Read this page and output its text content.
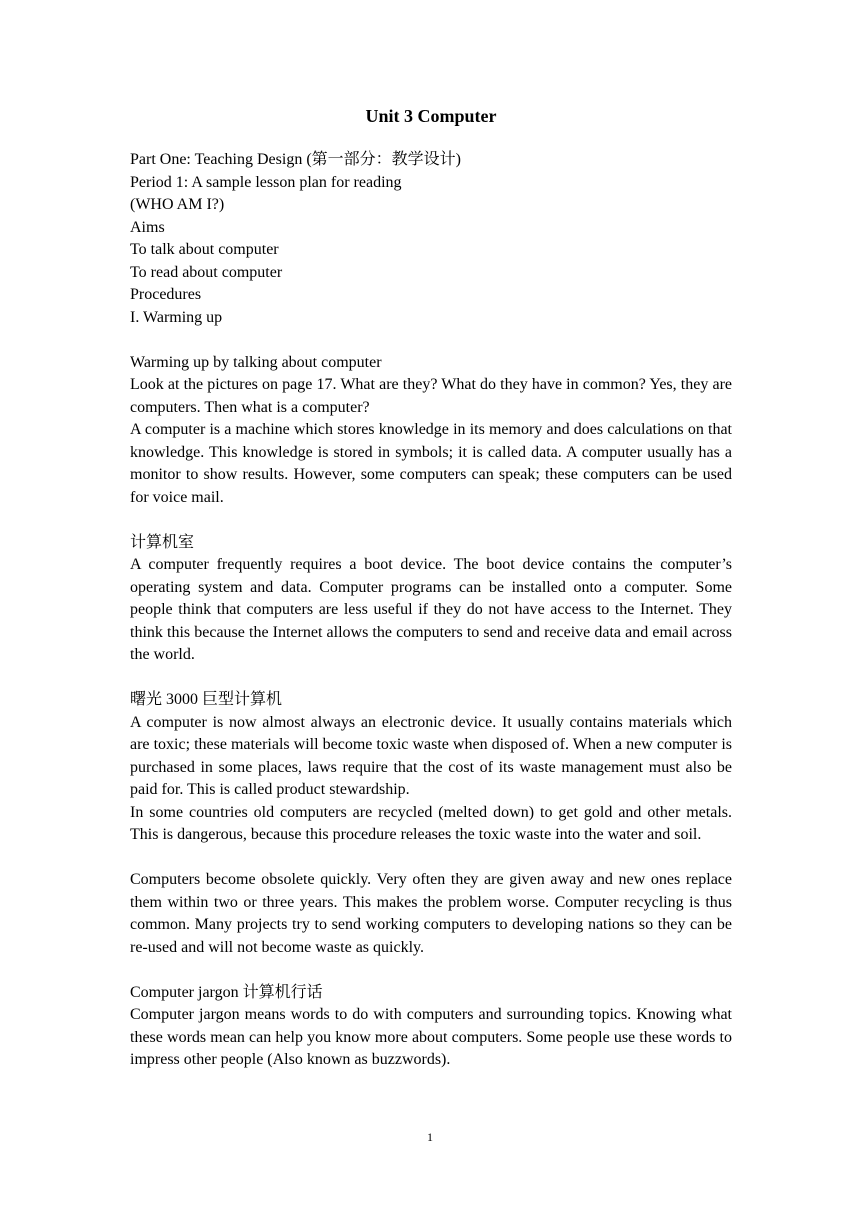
Unit 3 Computer

Part One: Teaching Design (第一部分：教学设计)

Period 1: A sample lesson plan for reading

(WHO AM I?)

Aims

To talk about computer

To read about computer

Procedures

I. Warming up

Warming up by talking about computer

Look at the pictures on page 17. What are they? What do they have in common? Yes, they are computers. Then what is a computer?

A computer is a machine which stores knowledge in its memory and does calculations on that knowledge. This knowledge is stored in symbols; it is called data. A computer usually has a monitor to show results. However, some computers can speak; these computers can be used for voice mail.

计算机室

A computer frequently requires a boot device. The boot device contains the computer’s operating system and data. Computer programs can be installed onto a computer. Some people think that computers are less useful if they do not have access to the Internet. They think this because the Internet allows the computers to send and receive data and email across the world.

曙光 3000 巨型计算机

A computer is now almost always an electronic device. It usually contains materials which are toxic; these materials will become toxic waste when disposed of. When a new computer is purchased in some places, laws require that the cost of its waste management must also be paid for. This is called product stewardship.

In some countries old computers are recycled (melted down) to get gold and other metals. This is dangerous, because this procedure releases the toxic waste into the water and soil.

Computers become obsolete quickly. Very often they are given away and new ones replace them within two or three years. This makes the problem worse. Computer recycling is thus common. Many projects try to send working computers to developing nations so they can be re-used and will not become waste as quickly.

Computer jargon 计算机行话

Computer jargon means words to do with computers and surrounding topics. Knowing what these words mean can help you know more about computers. Some people use these words to impress other people (Also known as buzzwords).

1
